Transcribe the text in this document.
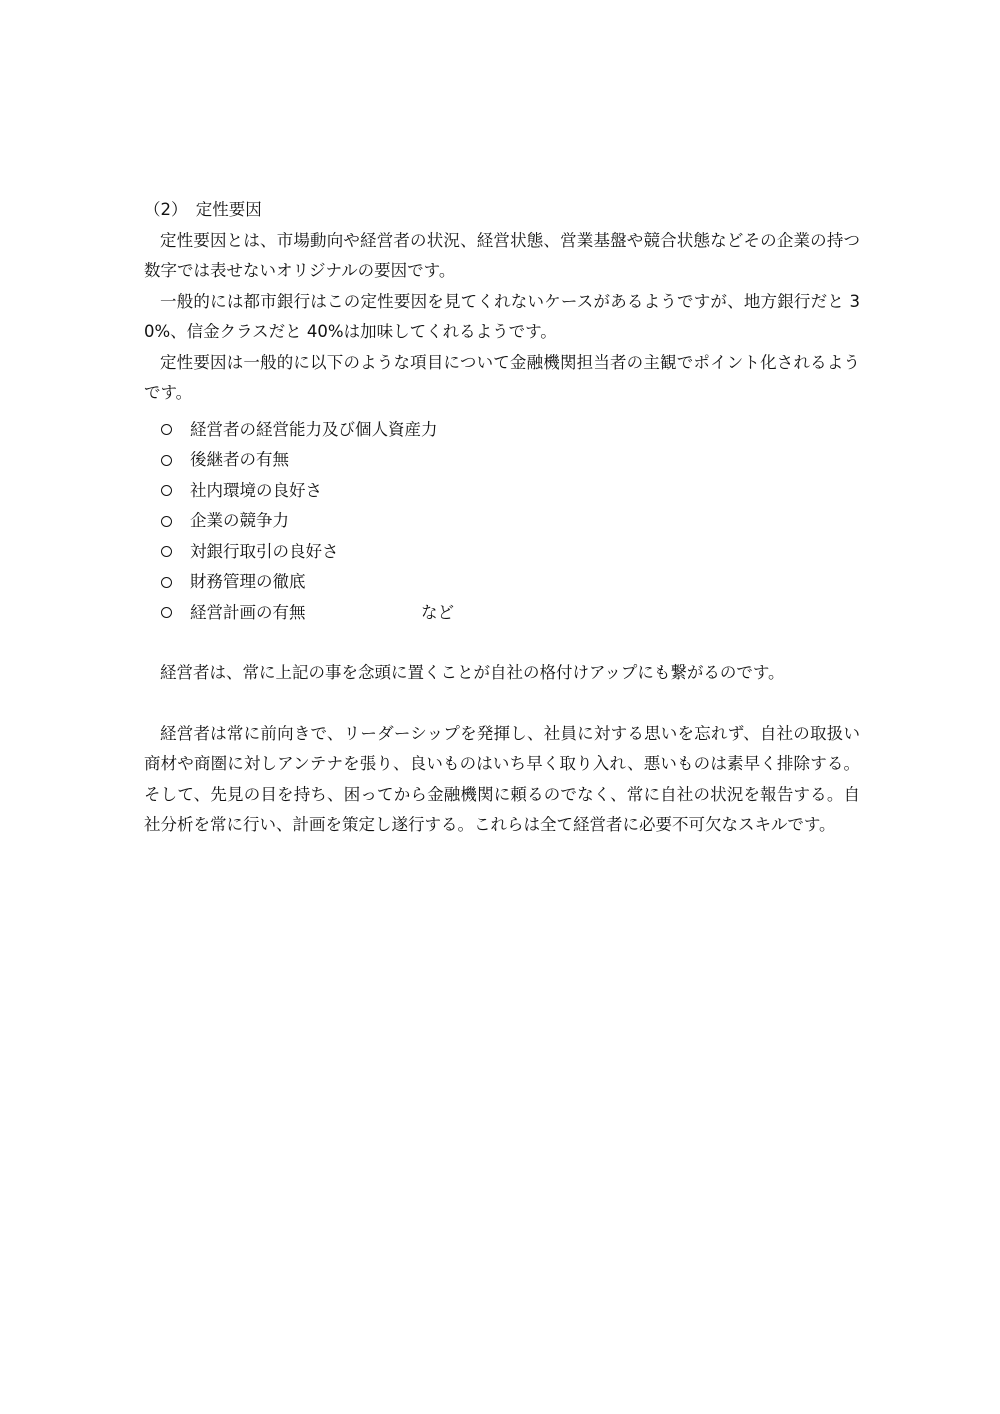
（2）　定性要因

定性要因とは、市場動向や経営者の状況、経営状態、営業基盤や競合状態などその企業の持つ数字では表せないオリジナルの要因です。

一般的には都市銀行はこの定性要因を見てくれないケースがあるようですが、地方銀行だと 30%、信金クラスだと 40%は加味してくれるようです。

定性要因は一般的に以下のような項目について金融機関担当者の主観でポイント化されるようです。

経営者の経営能力及び個人資産力
後継者の有無
社内環境の良好さ
企業の競争力
対銀行取引の良好さ
財務管理の徹底
経営計画の有無	など

経営者は、常に上記の事を念頭に置くことが自社の格付けアップにも繋がるのです。

経営者は常に前向きで、リーダーシップを発揮し、社員に対する思いを忘れず、自社の取扱い商材や商圏に対しアンテナを張り、良いものはいち早く取り入れ、悪いものは素早く排除する。そして、先見の目を持ち、困ってから金融機関に頼るのでなく、常に自社の状況を報告する。自社分析を常に行い、計画を策定し遂行する。これらは全て経営者に必要不可欠なスキルです。
